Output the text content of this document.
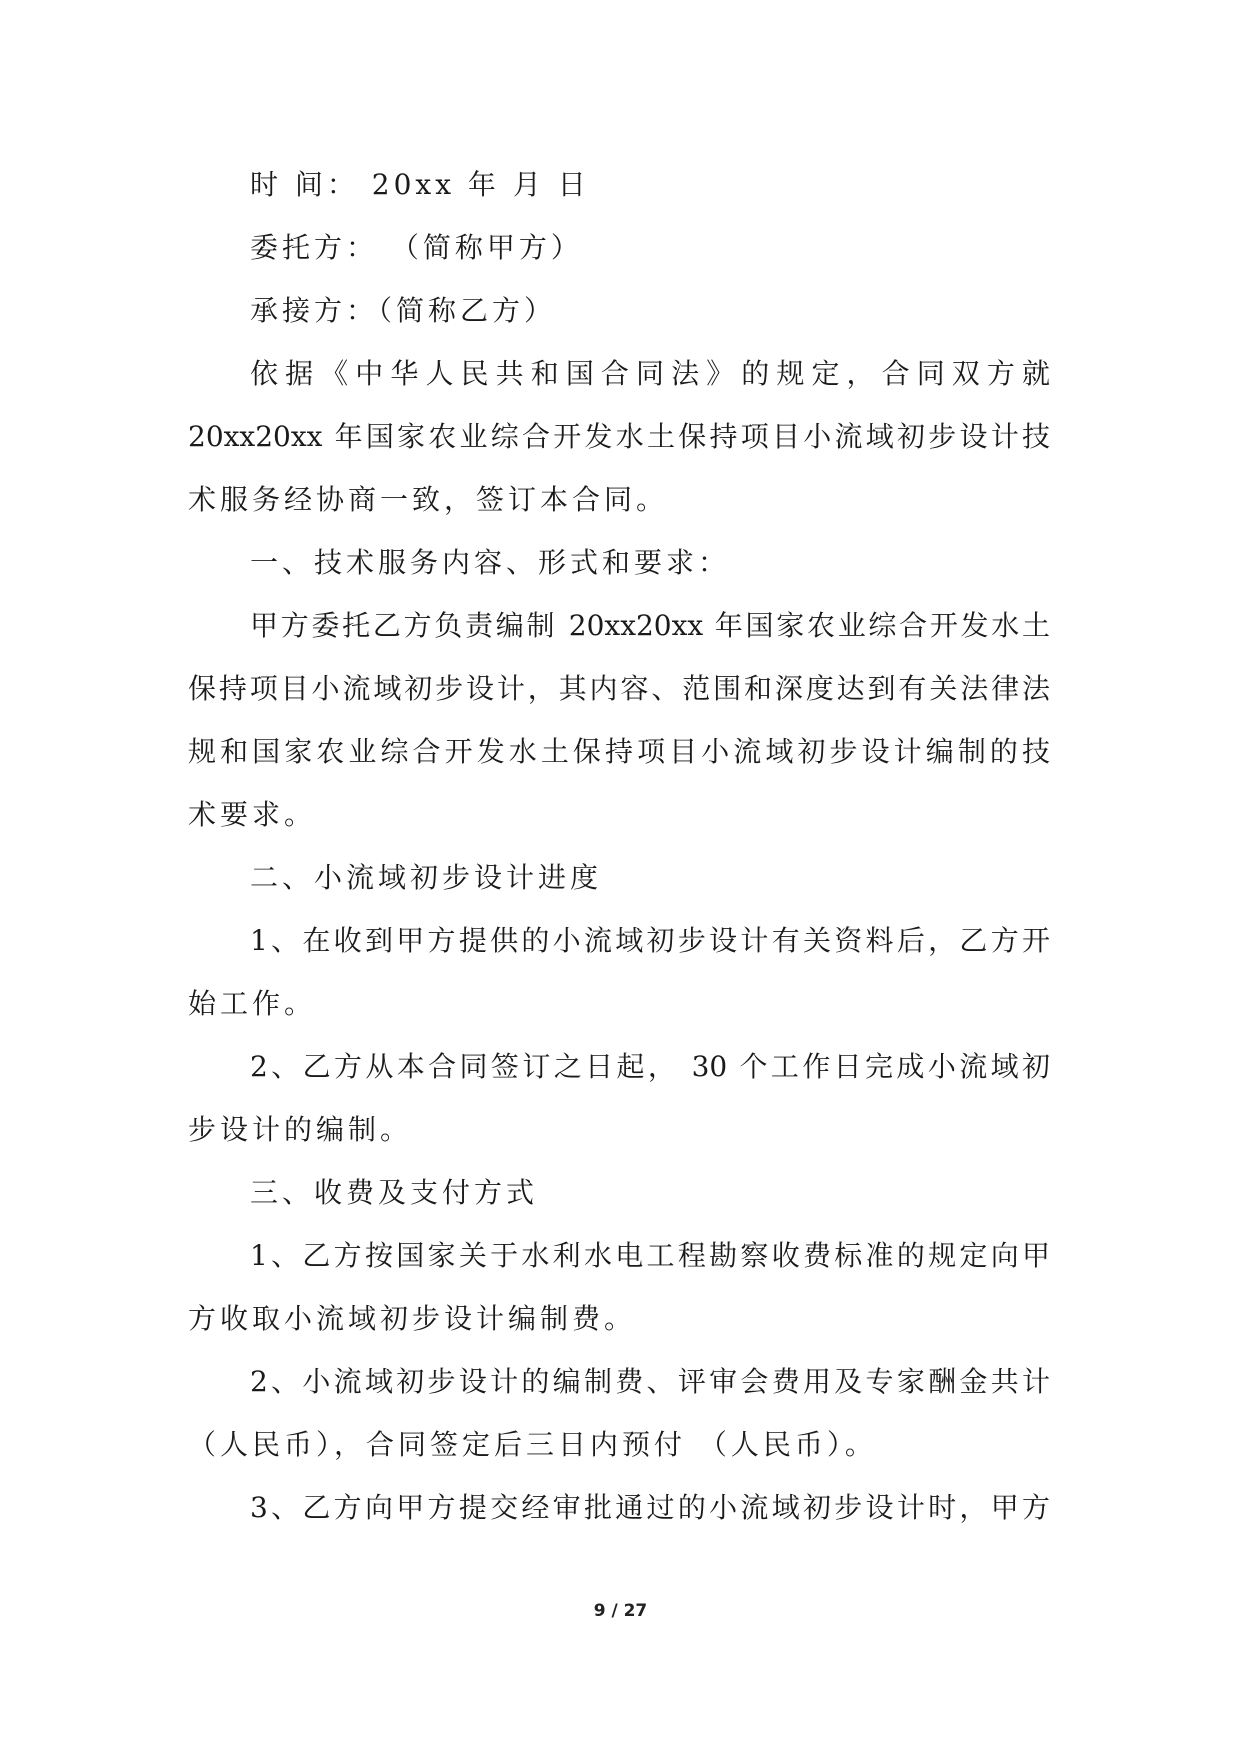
时 间： 20xx 年 月 日
委托方： （简称甲方）
承接方：（简称乙方）
依据《中华人民共和国合同法》的规定，合同双方就
20xx20xx 年国家农业综合开发水土保持项目小流域初步设计技
术服务经协商一致，签订本合同。
一、技术服务内容、形式和要求：
甲方委托乙方负责编制 20xx20xx 年国家农业综合开发水土
保持项目小流域初步设计，其内容、范围和深度达到有关法律法
规和国家农业综合开发水土保持项目小流域初步设计编制的技
术要求。
二、小流域初步设计进度
1、在收到甲方提供的小流域初步设计有关资料后，乙方开
始工作。
2、乙方从本合同签订之日起， 30 个工作日完成小流域初
步设计的编制。
三、收费及支付方式
1、乙方按国家关于水利水电工程勘察收费标准的规定向甲
方收取小流域初步设计编制费。
2、小流域初步设计的编制费、评审会费用及专家酬金共计
（人民币），合同签定后三日内预付 （人民币）。
3、乙方向甲方提交经审批通过的小流域初步设计时，甲方
9 / 27
